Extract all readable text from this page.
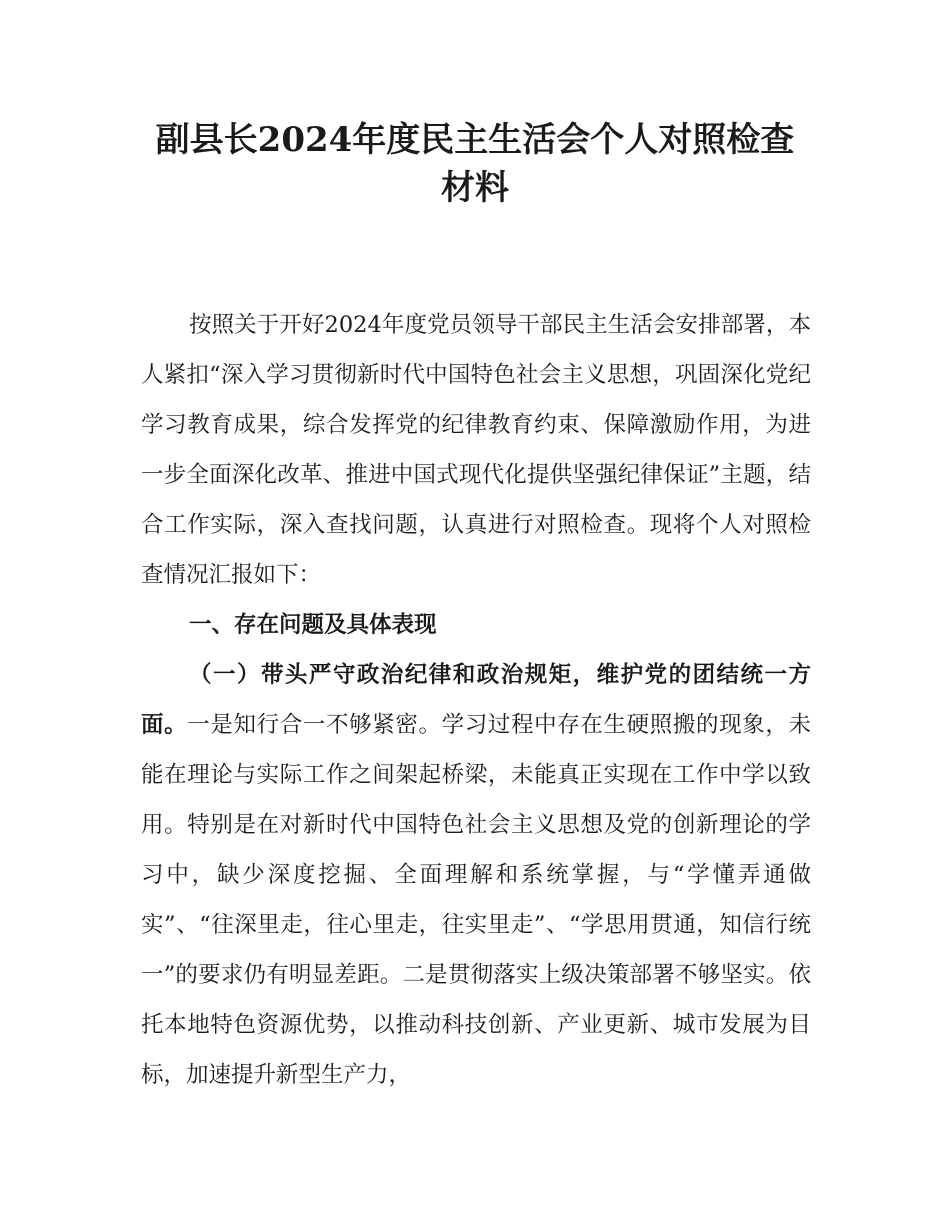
副县长2024年度民主生活会个人对照检查材料

按照关于开好2024年度党员领导干部民主生活会安排部署，本人紧扣“深入学习贯彻新时代中国特色社会主义思想，巩固深化党纪学习教育成果，综合发挥党的纪律教育约束、保障激励作用，为进一步全面深化改革、推进中国式现代化提供坚强纪律保证”主题，结合工作实际，深入查找问题，认真进行对照检查。现将个人对照检查情况汇报如下：

一、存在问题及具体表现

（一）带头严守政治纪律和政治规矩，维护党的团结统一方面。一是知行合一不够紧密。学习过程中存在生硬照搬的现象，未能在理论与实际工作之间架起桥梁，未能真正实现在工作中学以致用。特别是在对新时代中国特色社会主义思想及党的创新理论的学习中，缺少深度挖掘、全面理解和系统掌握，与“学懂弄通做实”、“往深里走，往心里走，往实里走”、“学思用贯通，知信行统一”的要求仍有明显差距。二是贯彻落实上级决策部署不够坚实。依托本地特色资源优势，以推动科技创新、产业更新、城市发展为目标，加速提升新型生产力，
